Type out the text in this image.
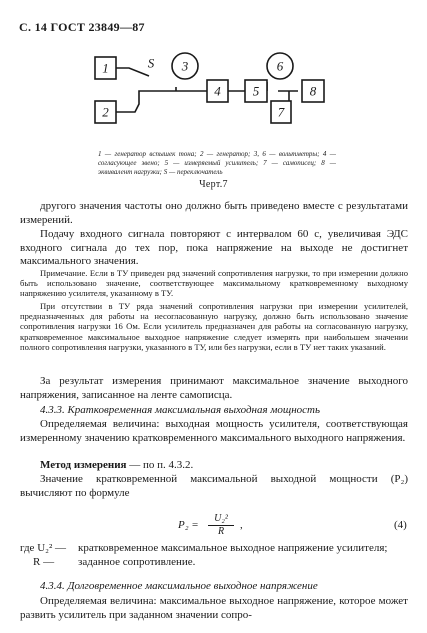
С. 14 ГОСТ 23849—87
1
2
3
4 5
6
7
8
S
1 — генератор вспышек тона; 2 — генератор; 3, 6 — вольтметры; 4 — согласующее звено; 5 — измеряемый усилитель; 7 — самописец; 8 — эквивалент нагрузки; S — переключатель
Черт.7
другого значения частоты оно должно быть приведено вместе с результатами измерений.
Подачу входного сигнала повторяют с интервалом 60 с, увеличивая ЭДС входного сигнала до тех пор, пока напряжение на выходе не достигнет максимального значения.
Примечание. Если в ТУ приведен ряд значений сопротивления нагрузки, то при измерении должно быть использовано значение, соответствующее максимальному кратковременному выходному напряжению усилителя, указанному в ТУ.
При отсутствии в ТУ ряда значений сопротивления нагрузки при измерении усилителей, предназначенных для работы на несогласованную нагрузку, должно быть использовано значение сопротивления нагрузки 16 Ом. Если усилитель предназначен для работы на согласованную нагрузку, кратковременное максимальное выходное напряжение следует измерять при наибольшем значении полного сопротивления нагрузки, указанного в ТУ, или без нагрузки, если в ТУ нет таких указаний.
За результат измерения принимают максимальное значение выходного напряжения, записанное на ленте самописца.
4.3.3. Кратковременная максимальная выходная мощность
Определяемая величина: выходная мощность усилителя, соответствующая измеренному значению кратковременного максимального выходного напряжения.
Метод измерения — по п. 4.3.2.
Значение кратковременной максимальной выходной мощности (P₂) вычисляют по формуле
P₂ =
U₂²
R
,	(4)
где U₂² —	кратковременное максимальное выходное напряжение усилителя;
R —	заданное сопротивление.
4.3.4. Долговременное максимальное выходное напряжение
Определяемая величина: максимальное выходное напряжение, которое может развить усилитель при заданном значении сопро-
